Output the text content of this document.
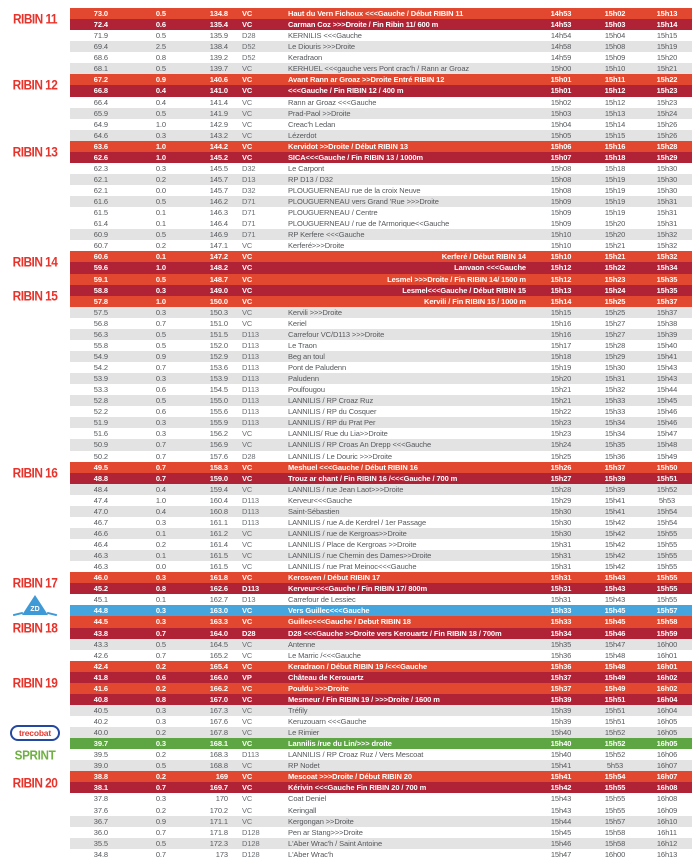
RIBIN 11
RIBIN 12
RIBIN 13
RIBIN 14
RIBIN 15
RIBIN 16
RIBIN 17
ZD
RIBIN 18
RIBIN 19
trecobat
SPRINT
RIBIN 20
73.0	0.5	134.8	VC	Haut du Vern Fichoux <<<Gauche / Début RIBIN 11	14h53	15h02	15h13
72.4	0.6	135.4	VC	Carman Coz >>>Droite / Fin Ribin 11/ 600 m	14h53	15h03	15h14
71.9	0.5	135.9	D28	KERNILIS <<<Gauche	14h54	15h04	15h15
69.4	2.5	138.4	D52	Le Diouris >>>Droite	14h58	15h08	15h19
68.6	0.8	139.2	D52	Keradraon	14h59	15h09	15h20
68.1	0.5	139.7	VC	KERHUEL <<<gauche vers Pont crac'h / Rann ar Groaz	15h00	15h10	15h21
67.2	0.9	140.6	VC	Avant Rann ar Groaz >>Droite Entré RIBIN 12	15h01	15h11	15h22
66.8	0.4	141.0	VC	<<<Gauche / Fin RIBIN 12 / 400 m	15h01	15h12	15h23
66.4	0.4	141.4	VC	Rann ar Groaz <<<Gauche	15h02	15h12	15h23
65.9	0.5	141.9	VC	Prad-Paol >>Droite	15h03	15h13	15h24
64.9	1.0	142.9	VC	Creac'h Ledan	15h04	15h14	15h26
64.6	0.3	143.2	VC	Lézerdot	15h05	15h15	15h26
63.6	1.0	144.2	VC	Kervidot >>Droite / Début RIBIN 13	15h06	15h16	15h28
62.6	1.0	145.2	VC	SICA<<<Gauche / Fin RIBIN 13 / 1000m	15h07	15h18	15h29
62.3	0.3	145.5	D32	Le Carpont	15h08	15h18	15h30
62.1	0.2	145.7	D13	RP D13 / D32	15h08	15h19	15h30
62.1	0.0	145.7	D32	PLOUGUERNEAU rue de la croix Neuve	15h08	15h19	15h30
61.6	0.5	146.2	D71	PLOUGUERNEAU vers Grand 'Rue >>>Droite	15h09	15h19	15h31
61.5	0.1	146.3	D71	PLOUGUERNEAU / Centre	15h09	15h19	15h31
61.4	0.1	146.4	D71	PLOUGUERNEAU / rue de l'Armorique<<Gauche	15h09	15h20	15h31
60.9	0.5	146.9	D71	RP Kerfere <<<Gauche	15h10	15h20	15h32
60.7	0.2	147.1	VC	Kerferé>>>Droite	15h10	15h21	15h32
60.6	0.1	147.2	VC	Kerferé / Début RIBIN 14	15h10	15h21	15h32
59.6	1.0	148.2	VC	Lanvaon <<<Gauche	15h12	15h22	15h34
59.1	0.5	148.7	VC	Lesmel >>>Droite / Fin RIBIN 14/ 1500 m	15h12	15h23	15h35
58.8	0.3	149.0	VC	Lesmel<<<Gauche / Début RIBIN 15	15h13	15h24	15h35
57.8	1.0	150.0	VC	Kervili / Fin RIBIN 15 / 1000 m	15h14	15h25	15h37
57.5	0.3	150.3	VC	Kervili >>>Droite	15h15	15h25	15h37
56.8	0.7	151.0	VC	Keriel	15h16	15h27	15h38
56.3	0.5	151.5	D113	Carrefour VC/D113 >>>Droite	15h16	15h27	15h39
55.8	0.5	152.0	D113	Le Traon	15h17	15h28	15h40
54.9	0.9	152.9	D113	Beg an toul	15h18	15h29	15h41
54.2	0.7	153.6	D113	Pont de Paludenn	15h19	15h30	15h43
53.9	0.3	153.9	D113	Paludenn	15h20	15h31	15h43
53.3	0.6	154.5	D113	Poulfougou	15h21	15h32	15h44
52.8	0.5	155.0	D113	LANNILIS / RP Croaz Ruz	15h21	15h33	15h45
52.2	0.6	155.6	D113	LANNILIS / RP du Cosquer	15h22	15h33	15h46
51.9	0.3	155.9	D113	LANNILIS / RP du Prat Per	15h23	15h34	15h46
51.6	0.3	156.2	VC	LANNILIS/ Rue du Lia>>Droite	15h23	15h34	15h47
50.9	0.7	156.9	VC	LANNILIS / RP Croas An Drepp <<<Gauche	15h24	15h35	15h48
50.2	0.7	157.6	D28	LANNILIS / Le Douric >>>Droite	15h25	15h36	15h49
49.5	0.7	158.3	VC	Meshuel <<<Gauche / Début RIBIN 16	15h26	15h37	15h50
48.8	0.7	159.0	VC	Trouz ar chant / Fin RIBIN 16 /<<<Gauche / 700 m	15h27	15h39	15h51
48.4	0.4	159.4	VC	LANNILIS / rue Jean Laot>>>Droite	15h28	15h39	15h52
47.4	1.0	160.4	D113	Kerveur<<<Gauche	15h29	15h41	5h53
47.0	0.4	160.8	D113	Saint-Sébastien	15h30	15h41	15h54
46.7	0.3	161.1	D113	LANNILIS / rue A.de Kerdrel / 1er Passage	15h30	15h42	15h54
46.6	0.1	161.2	VC	LANNILIS / rue de Kergroas>>Droite	15h30	15h42	15h55
46.4	0.2	161.4	VC	LANNILIS / Place de Kergroas >>Droite	15h31	15h42	15h55
46.3	0.1	161.5	VC	LANNILIS / rue Chemin des Dames>>Droite	15h31	15h42	15h55
46.3	0.0	161.5	VC	LANNILIS / rue Prat Meinoc<<<Gauche	15h31	15h42	15h55
46.0	0.3	161.8	VC	Kerosven / Début RIBIN 17	15h31	15h43	15h55
45.2	0.8	162.6	D113	Kerveur<<<Gauche / Fin RIBIN 17/ 800m	15h31	15h43	15h55
45.1	0.1	162.7	D13	Carrefour de Lessiec	15h31	15h43	15h55
44.8	0.3	163.0	VC	Vers Guillec<<<Gauche	15h33	15h45	15h57
44.5	0.3	163.3	VC	Guillec<<<Gauche / Debut RIBIN 18	15h33	15h45	15h58
43.8	0.7	164.0	D28	D28 <<<Gauche >>Droite vers Kerouartz / Fin RIBIN 18 / 700m	15h34	15h46	15h59
43.3	0.5	164.5	VC	Antenne	15h35	15h47	16h00
42.6	0.7	165.2	VC	Le Marric /<<<Gauche	15h36	15h48	16h01
42.4	0.2	165.4	VC	Keradraon / Début RIBIN 19 /<<<Gauche	15h36	15h48	16h01
41.8	0.6	166.0	VP	Château de Kerouartz	15h37	15h49	16h02
41.6	0.2	166.2	VC	Pouldu >>>Droite	15h37	15h49	16h02
40.8	0.8	167.0	VC	Mesmeur / Fin RIBIN 19 / >>>Droite / 1600 m	15h39	15h51	16h04
40.5	0.3	167.3	VC	Tréfily	15h39	15h51	16h04
40.2	0.3	167.6	VC	Keruzouarn <<<Gauche	15h39	15h51	16h05
40.0	0.2	167.8	VC	Le Rimier	15h40	15h52	16h05
39.7	0.3	168.1	VC	Lannilis /rue du Lin/>>> droite	15h40	15h52	16h05
39.5	0.2	168.3	D113	LANNILIS / RP Croaz Ruz / Vers Mescoat	15h40	15h52	16h06
39.0	0.5	168.8	VC	RP Nodet	15h41	5h53	16h07
38.8	0.2	169	VC	Mescoat >>>Droite / Début RIBIN 20	15h41	15h54	16h07
38.1	0.7	169.7	VC	Kérivin <<<Gauche Fin RIBIN 20 / 700 m	15h42	15h55	16h08
37.8	0.3	170	VC	Coat Deniel	15h43	15h55	16h08
37.6	0.2	170.2	VC	Keringall	15h43	15h55	16h09
36.7	0.9	171.1	VC	Kergongan >>Droite	15h44	15h57	16h10
36.0	0.7	171.8	D128	Pen ar Stang>>>Droite	15h45	15h58	16h11
35.5	0.5	172.3	D128	L'Aber Wrac'h / Saint Antoine	15h46	15h58	16h12
34.8	0.7	173	D128	L'Aber Wrac'h	15h47	16h00	16h13
